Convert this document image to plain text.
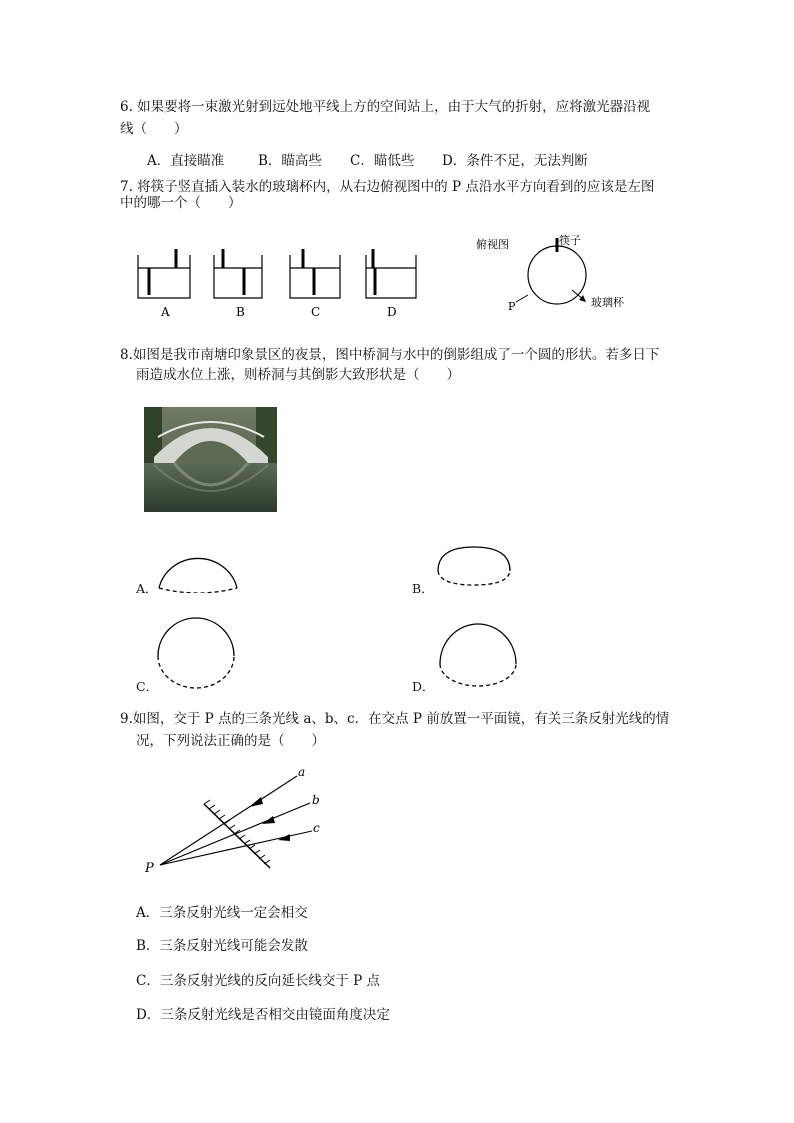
6. 如果要将一束激光射到远处地平线上方的空间站上，由于大气的折射，应将激光器沿视
线（　　）
A．直接瞄准	B．瞄高些 C．瞄低些 D．条件不足，无法判断
7. 将筷子竖直插入装水的玻璃杯内，从右边俯视图中的 P 点沿水平方向看到的应该是左图
中的哪一个（　　）
A	B	C	D
俯视图	筷子
玻璃杯
P
8.如图是我市南塘印象景区的夜景，图中桥洞与水中的倒影组成了一个圆的形状。若多日下
雨造成水位上涨，则桥洞与其倒影大致形状是（　　）
A．	B．
C．	D．
9.如图，交于 P 点的三条光线 a、b、c．在交点 P 前放置一平面镜，有关三条反射光线的情
况，下列说法正确的是（　　）
a
b
c
P
A．三条反射光线一定会相交
B．三条反射光线可能会发散
C．三条反射光线的反向延长线交于 P 点
D．三条反射光线是否相交由镜面角度决定
